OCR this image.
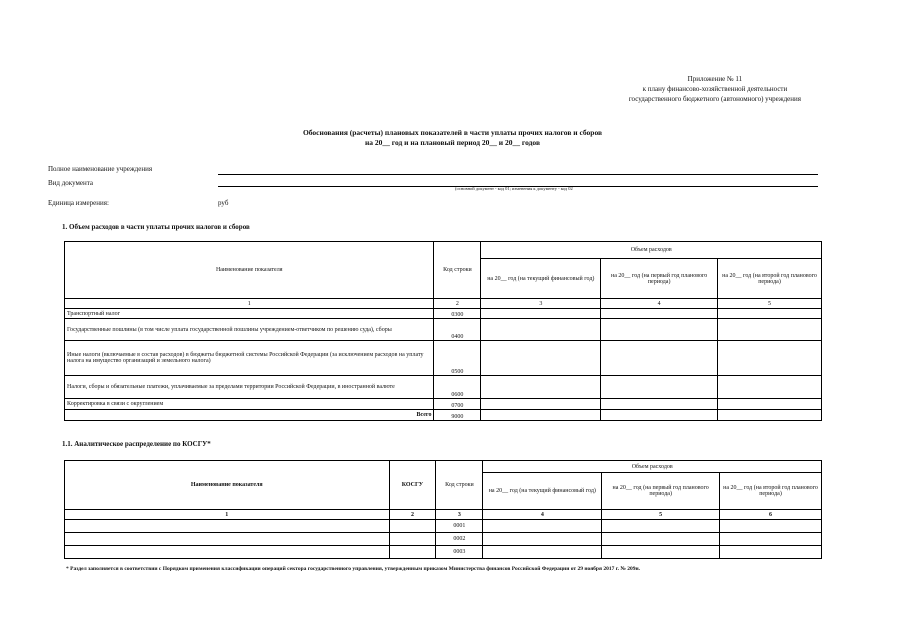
Приложение № 11
к плану финансово-хозяйственной деятельности
государственного бюджетного (автономного) учреждения
Обоснования (расчеты) плановых показателей в части уплаты прочих налогов и сборов
на 20__ год и на плановый период 20__ и 20__ годов
Полное наименование учреждения
Вид документа
(основной документ - код 01; изменения к документу - код 02
Единица измерения:	руб
1. Объем расходов в части уплаты прочих налогов и сборов
Наименование показателя	Код строки	Объем расходов		
		на 20__ год (на текущий финансовый год)	на 20__ год (на первый год планового периода)	на 20__ год (на второй год планового периода)
1	2	3	4	5
Транспортный налог	0300			
Государственные пошлины (в том числе уплата государственной пошлины учреждением-ответчиком по решению суда), сборы	0400			
Иные налоги (включаемые в состав расходов) в бюджеты бюджетной системы Российской Федерации (за исключением расходов на уплату налога на имущество организаций и земельного налога)	0500			
Налоги, сборы и обязательные платежи, уплачиваемые за пределами территории Российской Федерации, в иностранной валюте	0600			
Корректировка в связи с округлением	0700			
Всего	9000			
1.1. Аналитическое распределение по КОСГУ*
Наименование показателя	КОСГУ	Код строки	Объем расходов		
			на 20__ год (на текущий финансовый год)	на 20__ год (на первый год планового периода)	на 20__ год (на второй год планового периода)
1	2	3	4	5	6
		0001			
		0002			
		0003			
* Раздел заполняется в соответствии с Порядком применения классификации операций сектора государственного управления, утвержденным приказом Министерства финансов Российской Федерации от 29 ноября 2017 г. № 209н.
